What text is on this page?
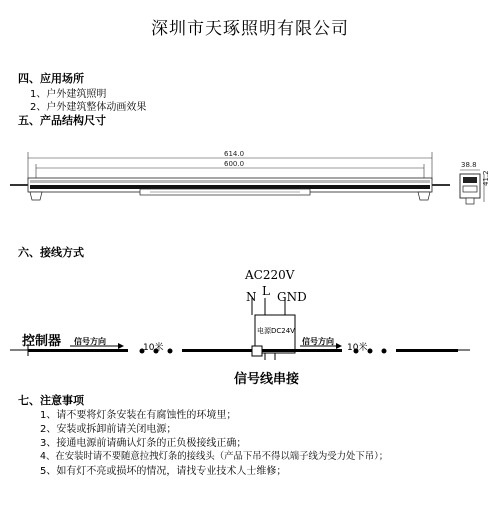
深圳市天琢照明有限公司
四、应用场所
1、户外建筑照明
2、户外建筑整体动画效果
五、产品结构尺寸
614.0
600.0	38.8
41.2
六、接线方式
AC220V
N L GND
电源DC24V
控制器 信号方向	信号方向
10米	10米
信号线串接
七、注意事项
1、请不要将灯条安装在有腐蚀性的环境里；
2、安装或拆卸前请关闭电源；
3、接通电源前请确认灯条的正负极接线正确；
4、在安装时请不要随意拉拽灯条的接线头（产品下吊不得以端子线为受力处下吊）；
5、如有灯不亮或损坏的情况，请找专业技术人士维修；
